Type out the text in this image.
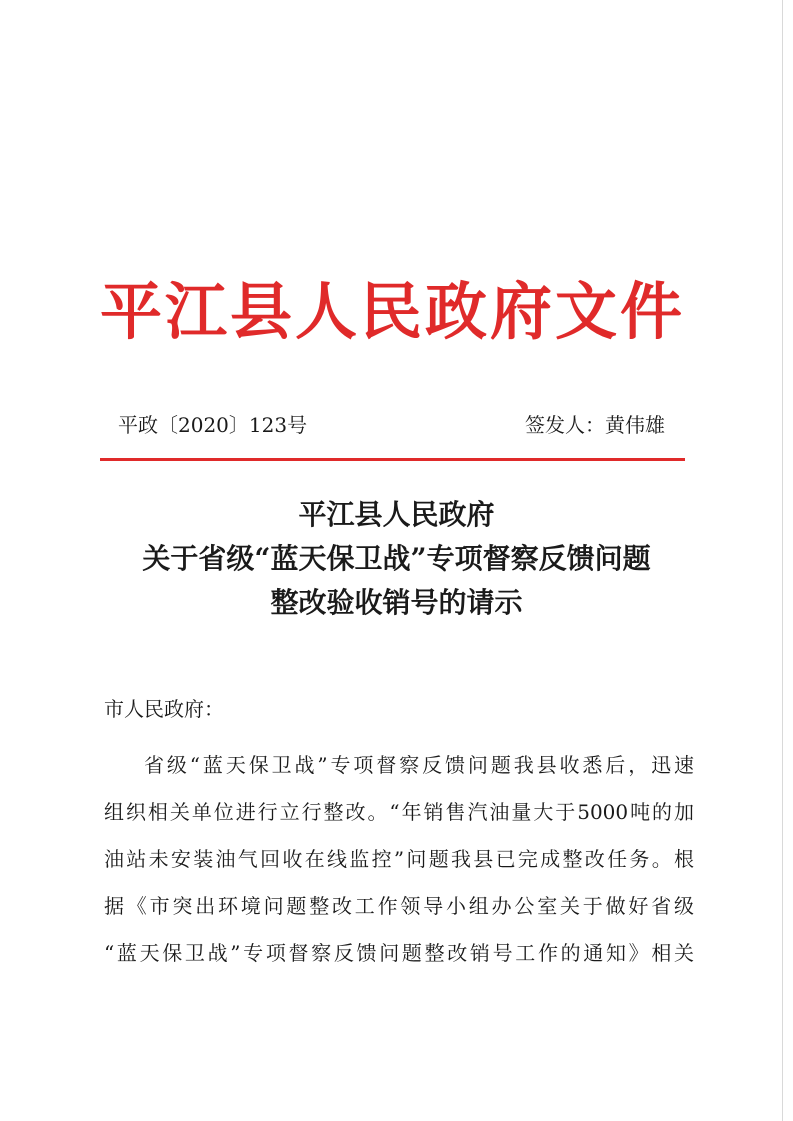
平江县人民政府文件
平政〔2020〕123号	签发人：黄伟雄
平江县人民政府
关于省级“蓝天保卫战”专项督察反馈问题
整改验收销号的请示
市人民政府：
省级“蓝天保卫战”专项督察反馈问题我县收悉后，迅速
组织相关单位进行立行整改。“年销售汽油量大于5000吨的加
油站未安装油气回收在线监控”问题我县已完成整改任务。根
据《市突出环境问题整改工作领导小组办公室关于做好省级
“蓝天保卫战”专项督察反馈问题整改销号工作的通知》相关
